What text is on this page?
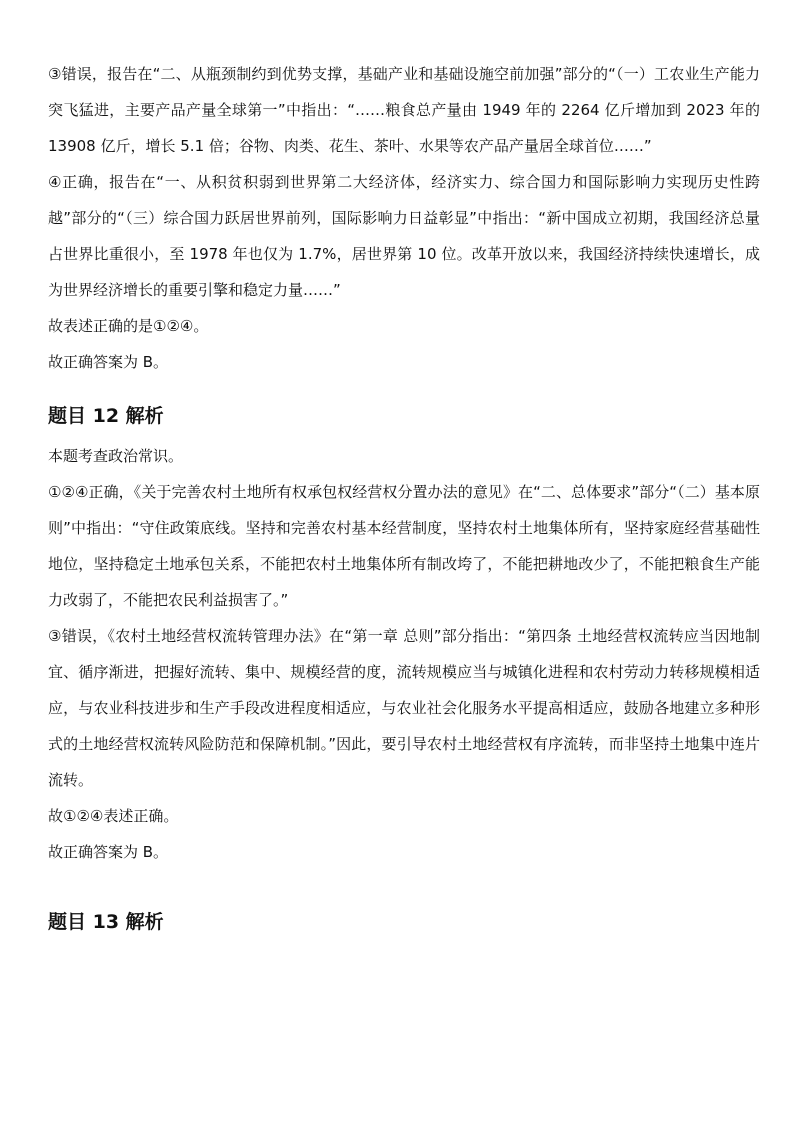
③错误，报告在“二、从瓶颈制约到优势支撑，基础产业和基础设施空前加强”部分的“（一）工农业生产能力突飞猛进，主要产品产量全球第一”中指出：“……粮食总产量由 1949 年的 2264 亿斤增加到 2023 年的 13908 亿斤，增长 5.1 倍；谷物、肉类、花生、茶叶、水果等农产品产量居全球首位……”

④正确，报告在“一、从积贫积弱到世界第二大经济体，经济实力、综合国力和国际影响力实现历史性跨越”部分的“（三）综合国力跃居世界前列，国际影响力日益彰显”中指出：“新中国成立初期，我国经济总量占世界比重很小，至 1978 年也仅为 1.7%，居世界第 10 位。改革开放以来，我国经济持续快速增长，成为世界经济增长的重要引擎和稳定力量……”

故表述正确的是①②④。

故正确答案为 B。

题目 12 解析

本题考查政治常识。

①②④正确，《关于完善农村土地所有权承包权经营权分置办法的意见》在“二、总体要求”部分“（二）基本原则”中指出：“守住政策底线。坚持和完善农村基本经营制度，坚持农村土地集体所有，坚持家庭经营基础性地位，坚持稳定土地承包关系，不能把农村土地集体所有制改垮了，不能把耕地改少了，不能把粮食生产能力改弱了，不能把农民利益损害了。”

③错误，《农村土地经营权流转管理办法》在“第一章 总则”部分指出：“第四条 土地经营权流转应当因地制宜、循序渐进，把握好流转、集中、规模经营的度，流转规模应当与城镇化进程和农村劳动力转移规模相适应，与农业科技进步和生产手段改进程度相适应，与农业社会化服务水平提高相适应，鼓励各地建立多种形式的土地经营权流转风险防范和保障机制。”因此，要引导农村土地经营权有序流转，而非坚持土地集中连片流转。

故①②④表述正确。

故正确答案为 B。

题目 13 解析
